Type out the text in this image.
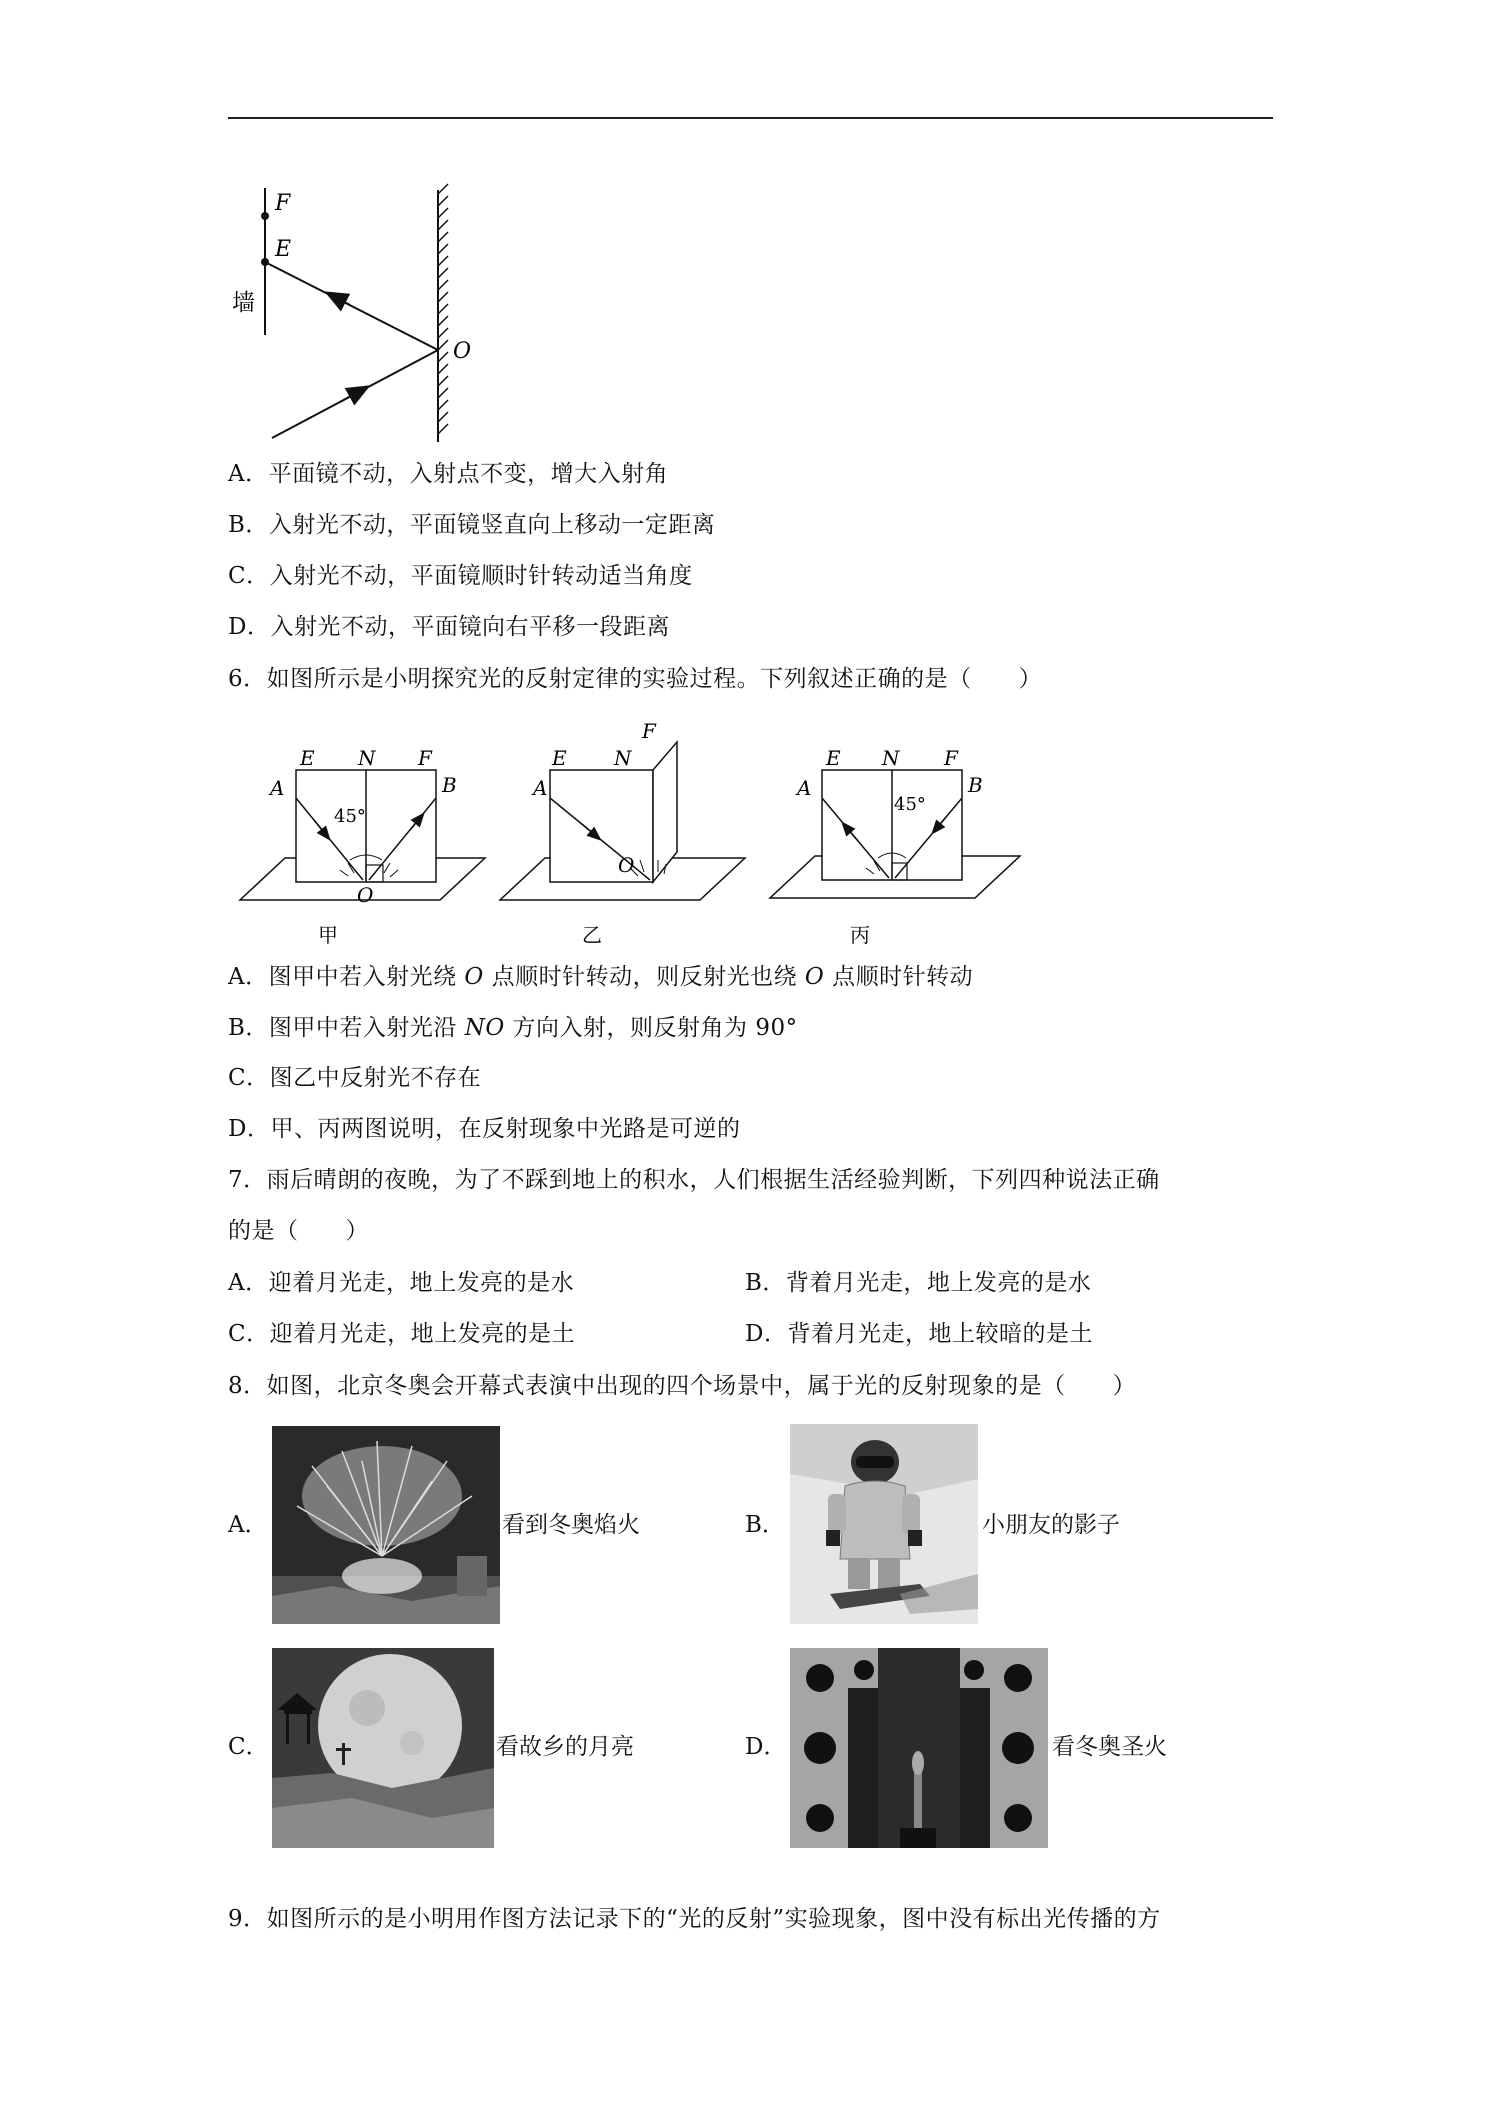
F
E
墙
O
A．平面镜不动，入射点不变，增大入射角
B．入射光不动，平面镜竖直向上移动一定距离
C．入射光不动，平面镜顺时针转动适当角度
D．入射光不动，平面镜向右平移一段距离
6．如图所示是小明探究光的反射定律的实验过程。下列叙述正确的是（　　）
E N F
A	B
45°
O
甲
E N
F
A
O
乙
E N F
A	B
45°
丙
A．图甲中若入射光绕 O 点顺时针转动，则反射光也绕 O 点顺时针转动
B．图甲中若入射光沿 NO 方向入射，则反射角为 90°
C．图乙中反射光不存在
D．甲、丙两图说明，在反射现象中光路是可逆的
7．雨后晴朗的夜晚，为了不踩到地上的积水，人们根据生活经验判断，下列四种说法正确
的是（　　）
A．迎着月光走，地上发亮的是水	B．背着月光走，地上发亮的是水
C．迎着月光走，地上发亮的是土	D．背着月光走，地上较暗的是土
8．如图，北京冬奥会开幕式表演中出现的四个场景中，属于光的反射现象的是（　　）
A．	看到冬奥焰火	B．	小朋友的影子
C．	看故乡的月亮	D．	看冬奥圣火
9．如图所示的是小明用作图方法记录下的“光的反射”实验现象，图中没有标出光传播的方
